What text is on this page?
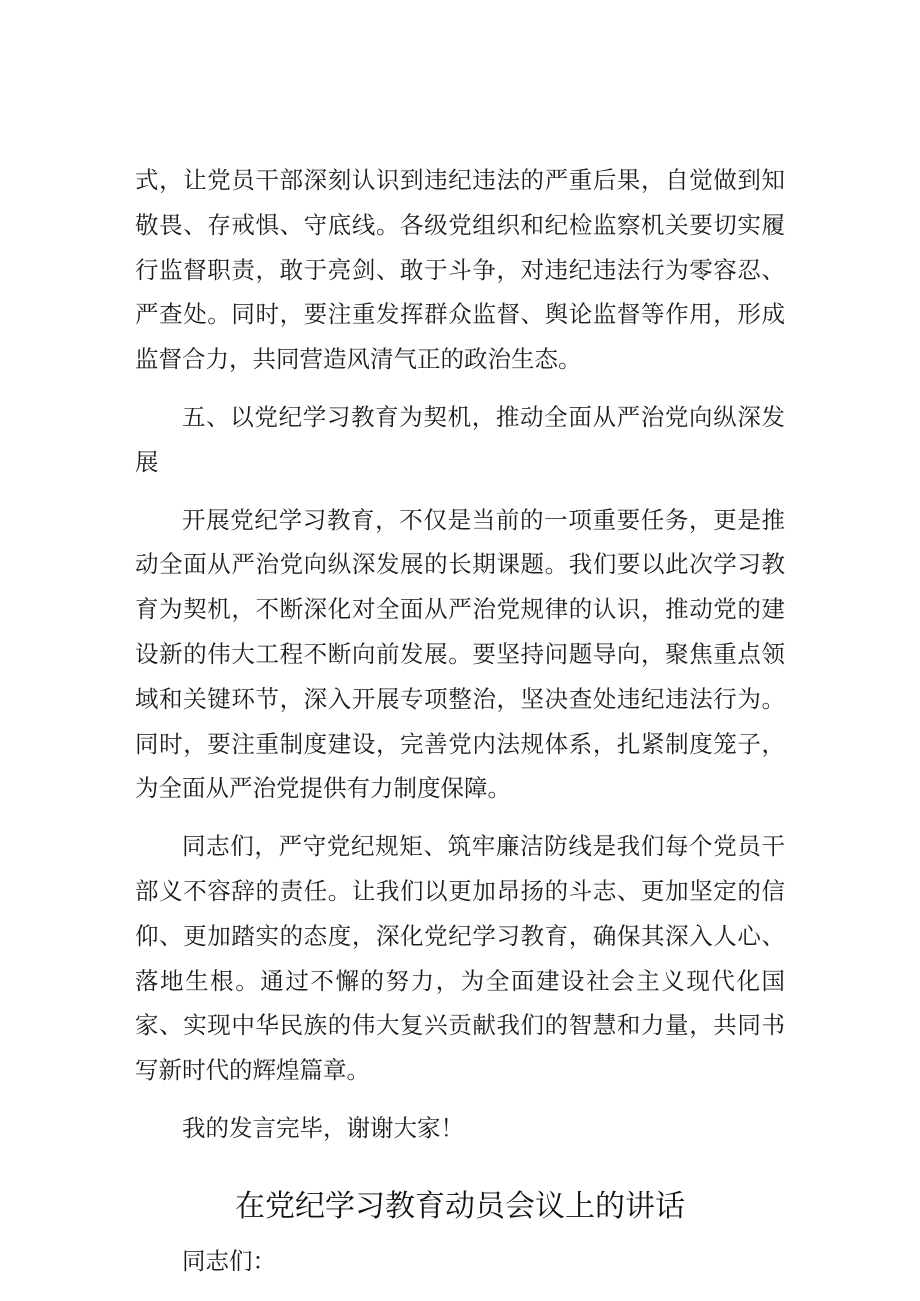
式，让党员干部深刻认识到违纪违法的严重后果，自觉做到知敬畏、存戒惧、守底线。各级党组织和纪检监察机关要切实履行监督职责，敢于亮剑、敢于斗争，对违纪违法行为零容忍、严查处。同时，要注重发挥群众监督、舆论监督等作用，形成监督合力，共同营造风清气正的政治生态。

五、以党纪学习教育为契机，推动全面从严治党向纵深发展

开展党纪学习教育，不仅是当前的一项重要任务，更是推动全面从严治党向纵深发展的长期课题。我们要以此次学习教育为契机，不断深化对全面从严治党规律的认识，推动党的建设新的伟大工程不断向前发展。要坚持问题导向，聚焦重点领域和关键环节，深入开展专项整治，坚决查处违纪违法行为。同时，要注重制度建设，完善党内法规体系，扎紧制度笼子，为全面从严治党提供有力制度保障。

同志们，严守党纪规矩、筑牢廉洁防线是我们每个党员干部义不容辞的责任。让我们以更加昂扬的斗志、更加坚定的信仰、更加踏实的态度，深化党纪学习教育，确保其深入人心、落地生根。通过不懈的努力，为全面建设社会主义现代化国家、实现中华民族的伟大复兴贡献我们的智慧和力量，共同书写新时代的辉煌篇章。

我的发言完毕，谢谢大家！

在党纪学习教育动员会议上的讲话

同志们：
